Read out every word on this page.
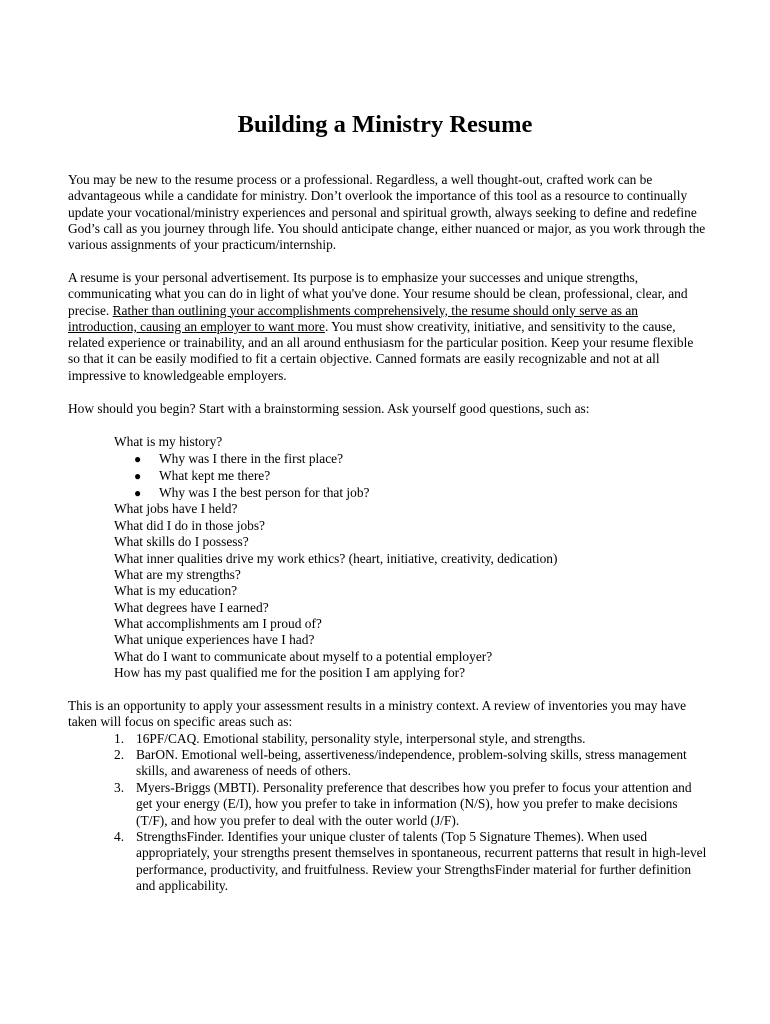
Building a Ministry Resume

You may be new to the resume process or a professional. Regardless, a well thought-out, crafted work can be advantageous while a candidate for ministry. Don’t overlook the importance of this tool as a resource to continually update your vocational/ministry experiences and personal and spiritual growth, always seeking to define and redefine God’s call as you journey through life. You should anticipate change, either nuanced or major, as you work through the various assignments of your practicum/internship.

A resume is your personal advertisement. Its purpose is to emphasize your successes and unique strengths, communicating what you can do in light of what you've done. Your resume should be clean, professional, clear, and precise. Rather than outlining your accomplishments comprehensively, the resume should only serve as an introduction, causing an employer to want more. You must show creativity, initiative, and sensitivity to the cause, related experience or trainability, and an all around enthusiasm for the particular position. Keep your resume flexible so that it can be easily modified to fit a certain objective. Canned formats are easily recognizable and not at all impressive to knowledgeable employers.

How should you begin? Start with a brainstorming session. Ask yourself good questions, such as:

What is my history?

● Why was I there in the first place?
● What kept me there?
● Why was I the best person for that job?

What jobs have I held?

What did I do in those jobs?

What skills do I possess?

What inner qualities drive my work ethics? (heart, initiative, creativity, dedication)

What are my strengths?

What is my education?

What degrees have I earned?

What accomplishments am I proud of?

What unique experiences have I had?

What do I want to communicate about myself to a potential employer?

How has my past qualified me for the position I am applying for?

This is an opportunity to apply your assessment results in a ministry context. A review of inventories you may have taken will focus on specific areas such as:

1. 16PF/CAQ. Emotional stability, personality style, interpersonal style, and strengths.
2. BarON. Emotional well-being, assertiveness/independence, problem-solving skills, stress management skills, and awareness of needs of others.
3. Myers-Briggs (MBTI). Personality preference that describes how you prefer to focus your attention and get your energy (E/I), how you prefer to take in information (N/S), how you prefer to make decisions (T/F), and how you prefer to deal with the outer world (J/F).
4. StrengthsFinder. Identifies your unique cluster of talents (Top 5 Signature Themes). When used appropriately, your strengths present themselves in spontaneous, recurrent patterns that result in high-level performance, productivity, and fruitfulness. Review your StrengthsFinder material for further definition and applicability.
